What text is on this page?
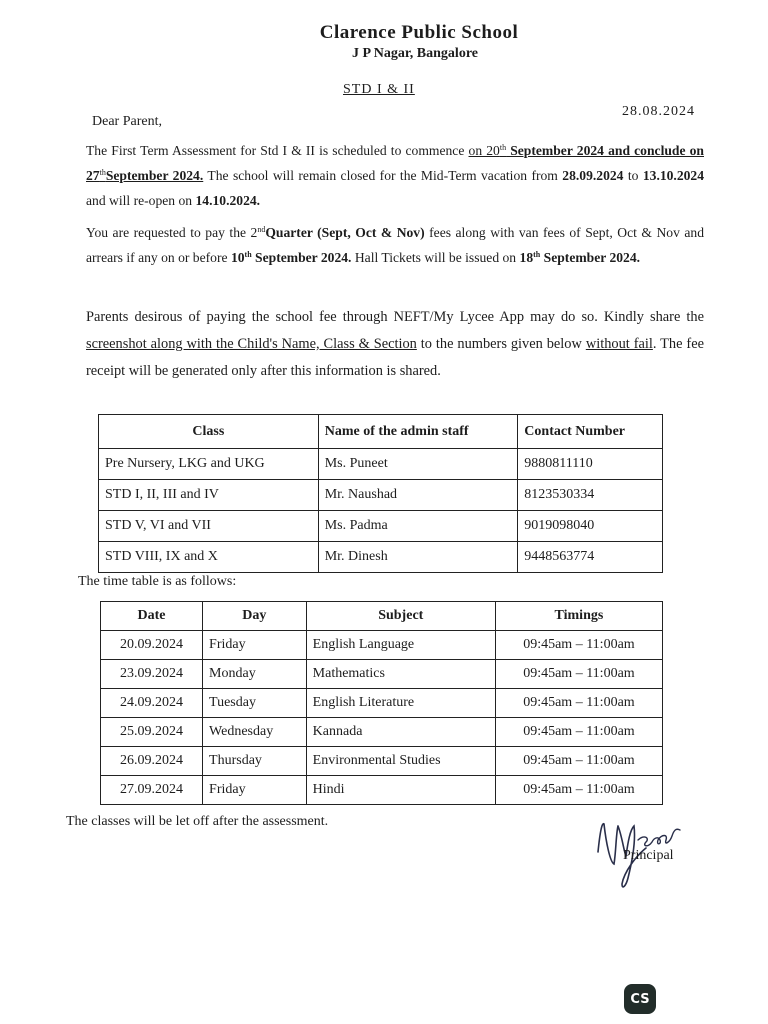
Clarence Public School
J P Nagar, Bangalore
STD I & II
28.08.2024
Dear Parent,
The First Term Assessment for Std I & II is scheduled to commence on 20th September 2024 and conclude on 27thSeptember 2024. The school will remain closed for the Mid-Term vacation from 28.09.2024 to 13.10.2024 and will re-open on 14.10.2024.
You are requested to pay the 2ndQuarter (Sept, Oct & Nov) fees along with van fees of Sept, Oct & Nov and arrears if any on or before 10th September 2024. Hall Tickets will be issued on 18th September 2024.
Parents desirous of paying the school fee through NEFT/My Lycee App may do so. Kindly share the screenshot along with the Child's Name, Class & Section to the numbers given below without fail. The fee receipt will be generated only after this information is shared.
Class	Name of the admin staff	Contact Number
Pre Nursery, LKG and UKG	Ms. Puneet	9880811110
STD I, II, III and IV	Mr. Naushad	8123530334
STD V, VI and VII	Ms. Padma	9019098040
STD VIII, IX and X	Mr. Dinesh	9448563774
The time table is as follows:
Date	Day	Subject	Timings
20.09.2024	Friday	English Language	09:45am – 11:00am
23.09.2024	Monday	Mathematics	09:45am – 11:00am
24.09.2024	Tuesday	English Literature	09:45am – 11:00am
25.09.2024	Wednesday	Kannada	09:45am – 11:00am
26.09.2024	Thursday	Environmental Studies	09:45am – 11:00am
27.09.2024	Friday	Hindi	09:45am – 11:00am
The classes will be let off after the assessment.
Principal
CS
